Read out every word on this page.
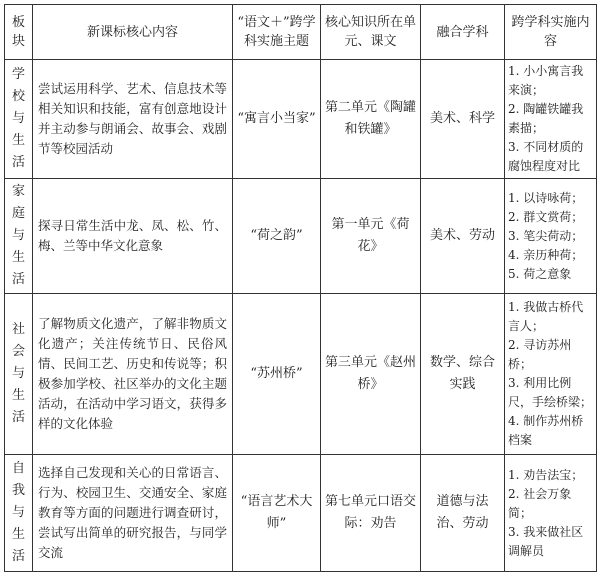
板块	新课标核心内容	“语文＋”跨学科实施主题	核心知识所在单元、课文	融合学科	跨学科实施内容

学校与生活	尝试运用科学、艺术、信息技术等相关知识和技能，富有创意地设计并主动参与朗诵会、故事会、戏剧节等校园活动	“寓言小当家”	第二单元《陶罐和铁罐》	美术、科学	1. 小小寓言我来演；
2. 陶罐铁罐我素描；
3. 不同材质的腐蚀程度对比

家庭与生活	探寻日常生活中龙、凤、松、竹、梅、兰等中华文化意象	“荷之韵”	第一单元《荷花》	美术、劳动	1. 以诗咏荷；
2. 群文赏荷；
3. 笔尖荷动；
4. 亲历种荷；
5. 荷之意象

社会与生活	了解物质文化遗产，了解非物质文化遗产；关注传统节日、民俗风情、民间工艺、历史和传说等；积极参加学校、社区举办的文化主题活动，在活动中学习语文，获得多样的文化体验	“苏州桥”	第三单元《赵州桥》	数学、综合实践	1. 我做古桥代言人；
2. 寻访苏州桥；
3. 利用比例尺，手绘桥梁；
4. 制作苏州桥档案

自我与生活	选择自己发现和关心的日常语言、行为、校园卫生、交通安全、家庭教育等方面的问题进行调查研讨，尝试写出简单的研究报告，与同学交流	“语言艺术大师”	第七单元口语交际：劝告	道德与法治、劳动	1. 劝告法宝；
2. 社会万象简；
3. 我来做社区调解员
